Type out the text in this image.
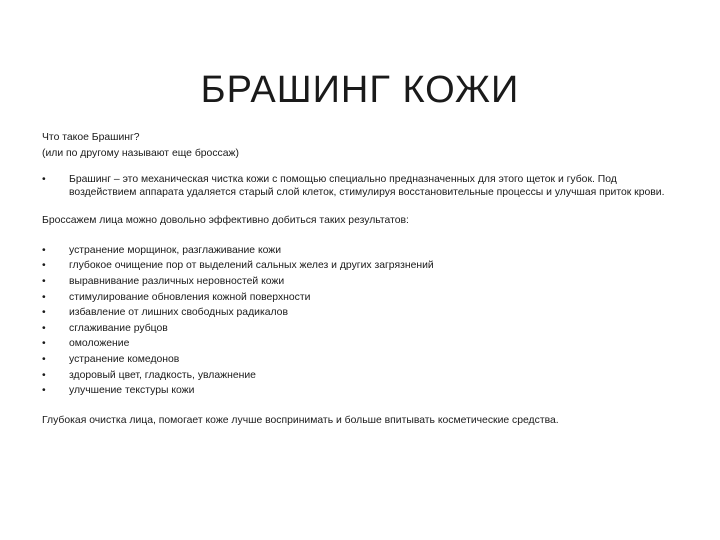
БРАШИНГ КОЖИ

Что такое Брашинг?

(или по другому называют еще броссаж)

•	Брашинг – это механическая чистка кожи с помощью специально предназначенных для этого щеток и губок. Под воздействием аппарата удаляется старый слой клеток, стимулируя восстановительные процессы и улучшая приток крови.

Броссажем лица можно довольно эффективно добиться таких результатов:

•	устранение морщинок, разглаживание кожи
•	глубокое очищение пор от выделений сальных желез и других загрязнений
•	выравнивание различных неровностей кожи
•	стимулирование обновления кожной поверхности
•	избавление от лишних свободных радикалов
•	сглаживание рубцов
•	омоложение
•	устранение комедонов
•	здоровый цвет, гладкость, увлажнение
•	улучшение текстуры кожи

Глубокая очистка лица, помогает коже лучше воспринимать и больше впитывать косметические средства.
